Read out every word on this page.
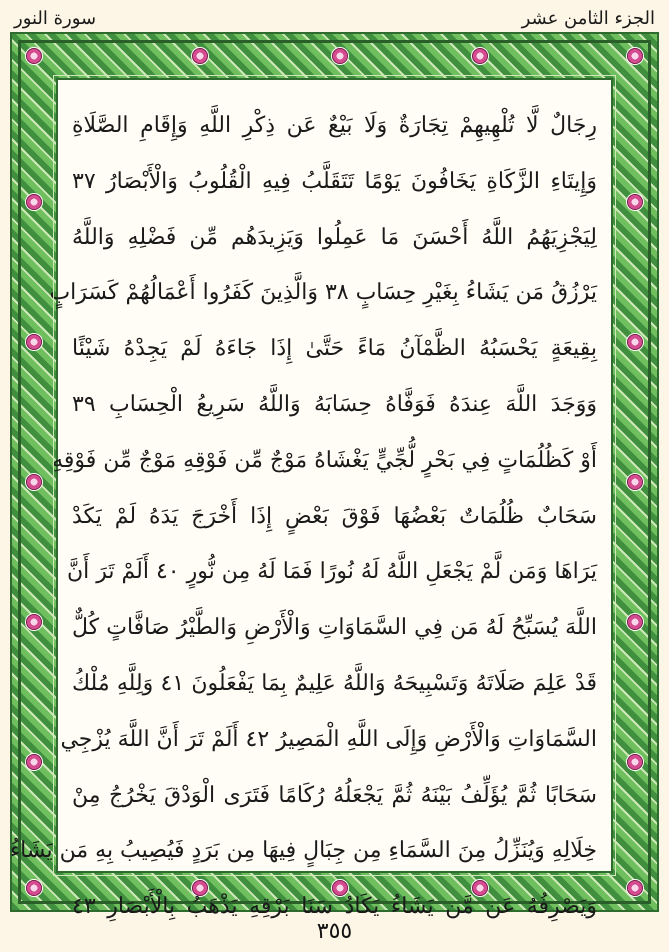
الجزء الثامن عشر
سورة النور
رِجَالٌ لَّا تُلْهِيهِمْ تِجَارَةٌ وَلَا بَيْعٌ عَن ذِكْرِ اللَّهِ وَإِقَامِ الصَّلَاةِ
وَإِيتَاءِ الزَّكَاةِ يَخَافُونَ يَوْمًا تَتَقَلَّبُ فِيهِ الْقُلُوبُ وَالْأَبْصَارُ ٣٧
لِيَجْزِيَهُمُ اللَّهُ أَحْسَنَ مَا عَمِلُوا وَيَزِيدَهُم مِّن فَضْلِهِ وَاللَّهُ
يَرْزُقُ مَن يَشَاءُ بِغَيْرِ حِسَابٍ ٣٨ وَالَّذِينَ كَفَرُوا أَعْمَالُهُمْ كَسَرَابٍ
بِقِيعَةٍ يَحْسَبُهُ الظَّمْآنُ مَاءً حَتَّىٰ إِذَا جَاءَهُ لَمْ يَجِدْهُ شَيْئًا
وَوَجَدَ اللَّهَ عِندَهُ فَوَفَّاهُ حِسَابَهُ وَاللَّهُ سَرِيعُ الْحِسَابِ ٣٩
أَوْ كَظُلُمَاتٍ فِي بَحْرٍ لُّجِّيٍّ يَغْشَاهُ مَوْجٌ مِّن فَوْقِهِ مَوْجٌ مِّن فَوْقِهِ
سَحَابٌ ظُلُمَاتٌ بَعْضُهَا فَوْقَ بَعْضٍ إِذَا أَخْرَجَ يَدَهُ لَمْ يَكَدْ
يَرَاهَا وَمَن لَّمْ يَجْعَلِ اللَّهُ لَهُ نُورًا فَمَا لَهُ مِن نُّورٍ ٤٠ أَلَمْ تَرَ أَنَّ
اللَّهَ يُسَبِّحُ لَهُ مَن فِي السَّمَاوَاتِ وَالْأَرْضِ وَالطَّيْرُ صَافَّاتٍ كُلٌّ
قَدْ عَلِمَ صَلَاتَهُ وَتَسْبِيحَهُ وَاللَّهُ عَلِيمٌ بِمَا يَفْعَلُونَ ٤١ وَلِلَّهِ مُلْكُ
السَّمَاوَاتِ وَالْأَرْضِ وَإِلَى اللَّهِ الْمَصِيرُ ٤٢ أَلَمْ تَرَ أَنَّ اللَّهَ يُزْجِي
سَحَابًا ثُمَّ يُؤَلِّفُ بَيْنَهُ ثُمَّ يَجْعَلُهُ رُكَامًا فَتَرَى الْوَدْقَ يَخْرُجُ مِنْ
خِلَالِهِ وَيُنَزِّلُ مِنَ السَّمَاءِ مِن جِبَالٍ فِيهَا مِن بَرَدٍ فَيُصِيبُ بِهِ مَن يَشَاءُ
وَيَصْرِفُهُ عَن مَّن يَشَاءُ يَكَادُ سَنَا بَرْقِهِ يَذْهَبُ بِالْأَبْصَارِ ٤٣
٣٥٥
